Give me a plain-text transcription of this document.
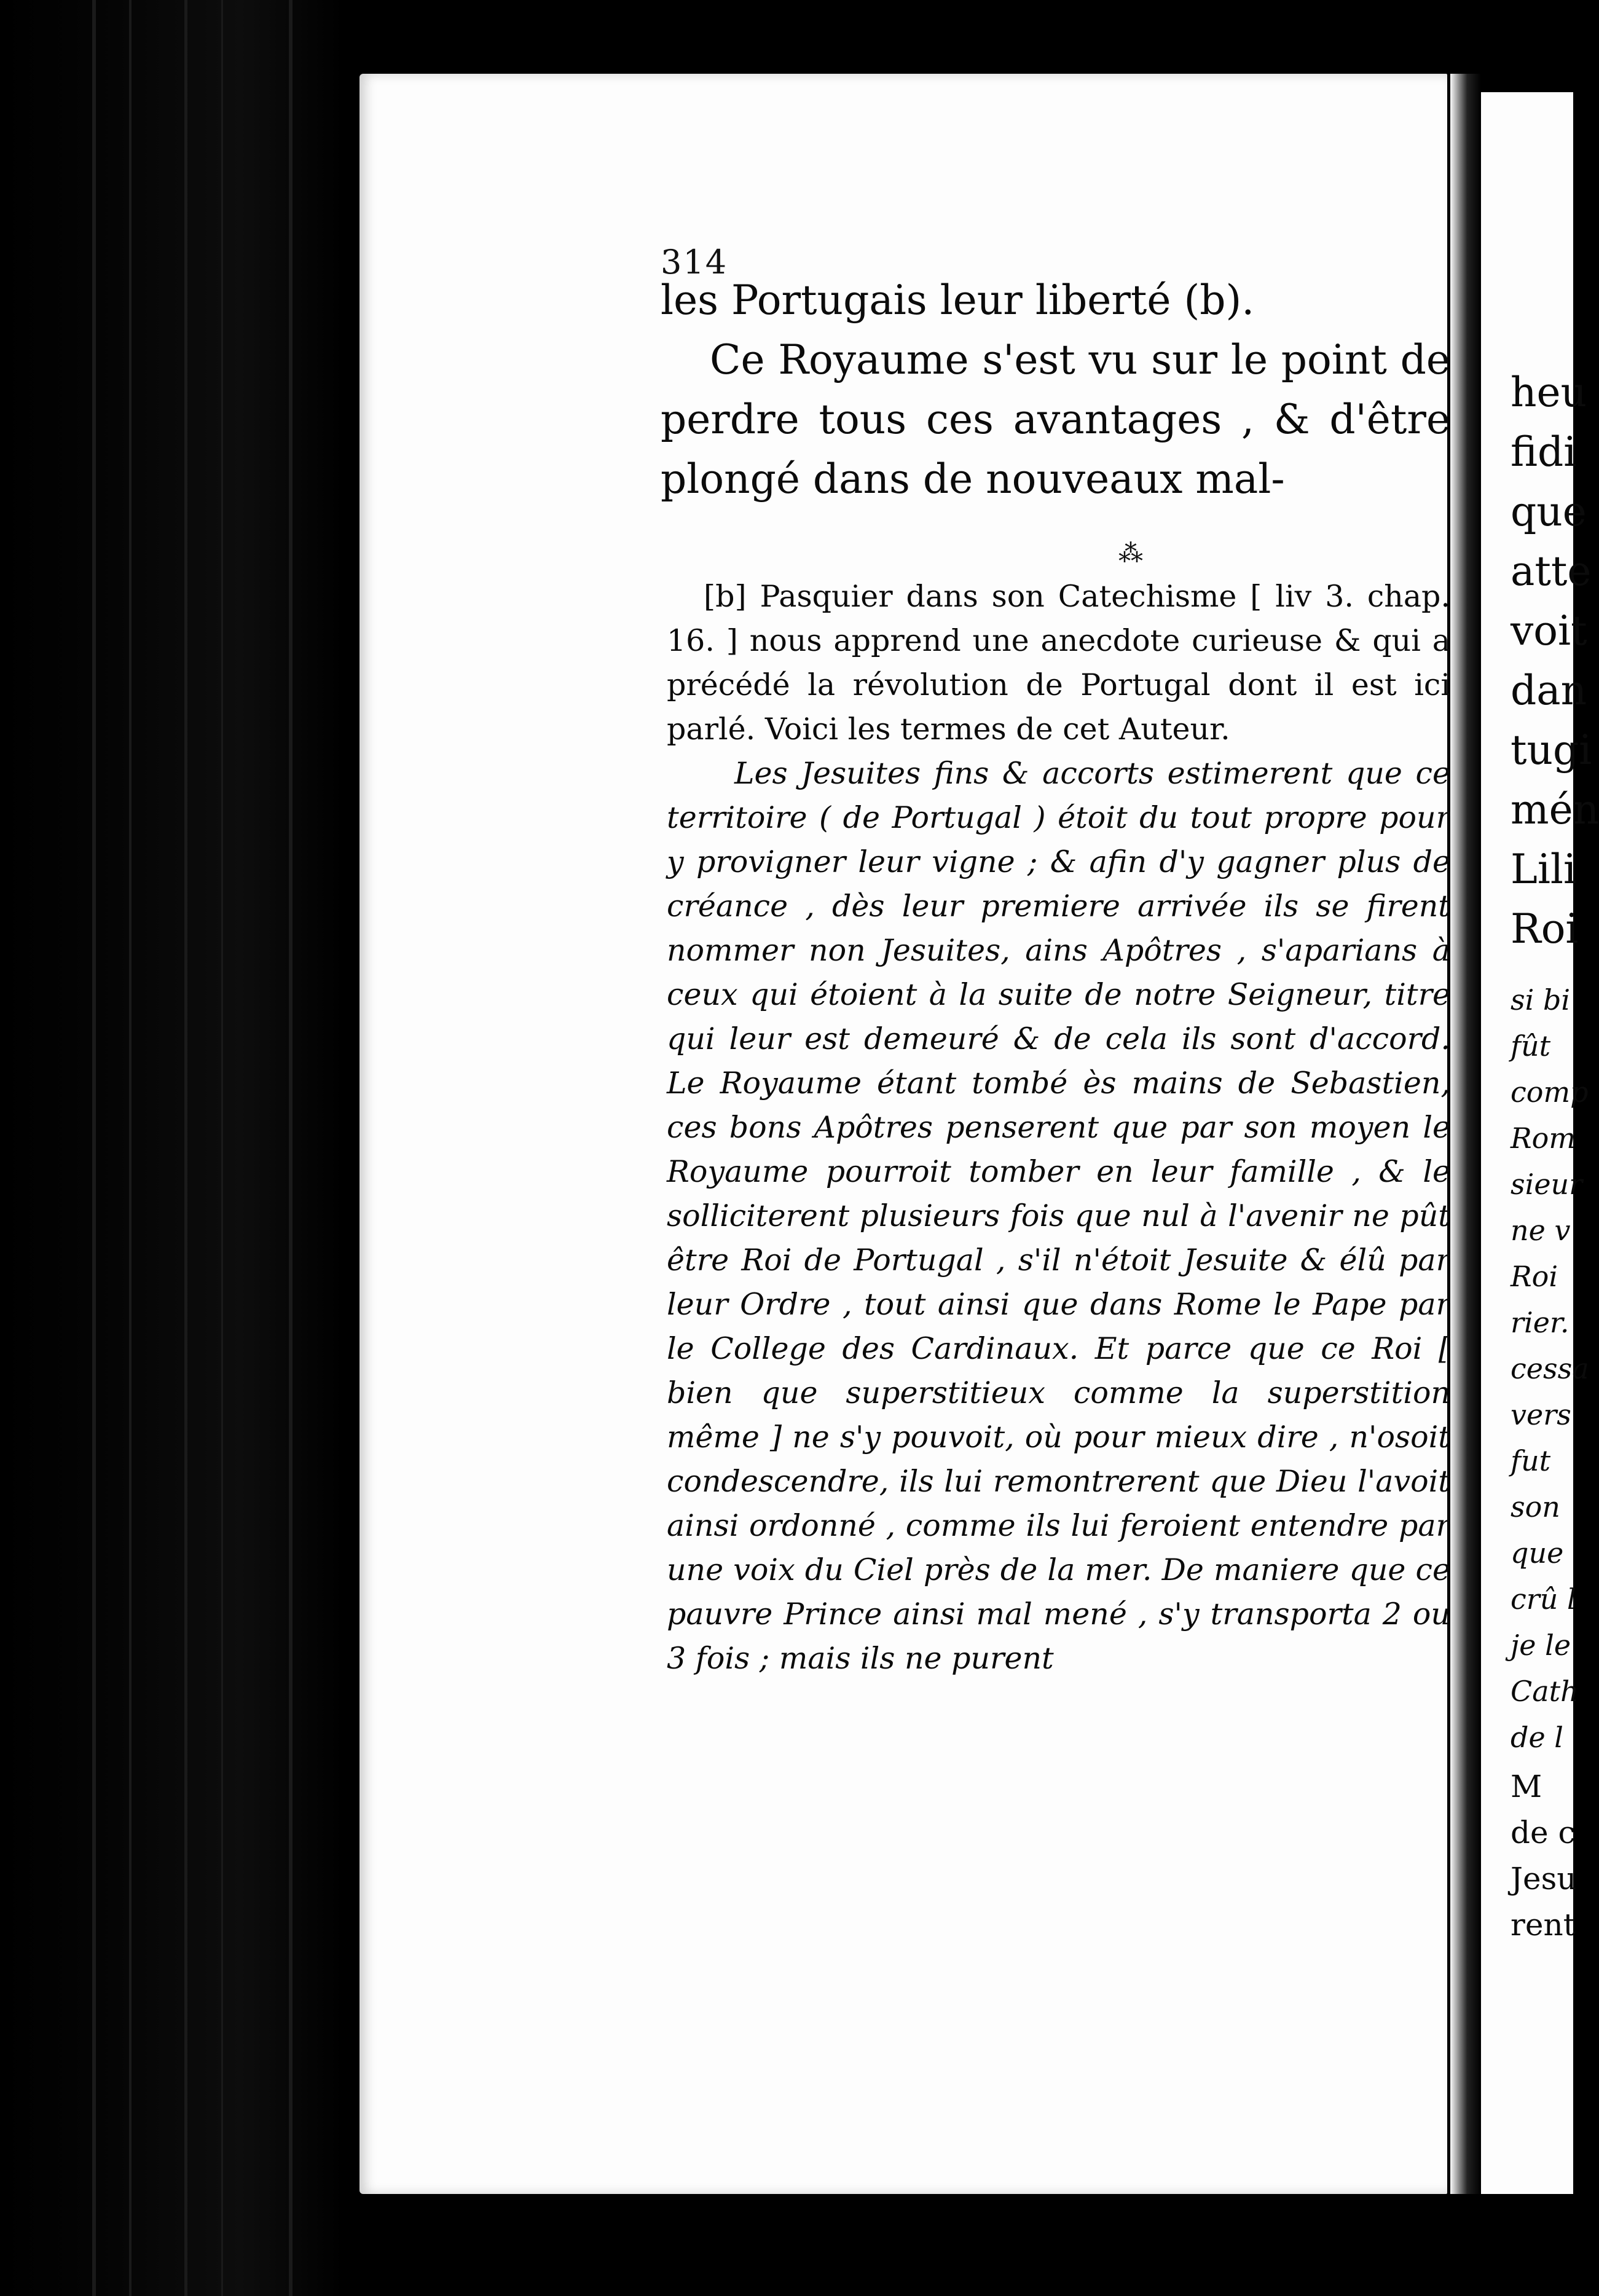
314

les Portugais leur liberté (b).

Ce Royaume s'est vu sur le point de perdre tous ces avantages , & d'être plongé dans de nouveaux mal-

⁂

[b] Pasquier dans son Catechisme [ liv 3. chap. 16. ] nous apprend une anecdote curieuse & qui a précédé la révolution de Portugal dont il est ici parlé. Voici les termes de cet Auteur.

Les Jesuites fins & accorts estimerent que ce territoire ( de Portugal ) étoit du tout propre pour y provigner leur vigne ; & afin d'y gagner plus de créance , dès leur premiere arrivée ils se firent nommer non Jesuites, ains Apôtres , s'aparians à ceux qui étoient à la suite de notre Seigneur, titre qui leur est demeuré & de cela ils sont d'accord. Le Royaume étant tombé ès mains de Sebastien, ces bons Apôtres penserent que par son moyen le Royaume pourroit tomber en leur famille , & le solliciterent plusieurs fois que nul à l'avenir ne pût être Roi de Portugal , s'il n'étoit Jesuite & élû par leur Ordre , tout ainsi que dans Rome le Pape par le College des Cardinaux. Et parce que ce Roi [ bien que superstitieux comme la superstition même ] ne s'y pouvoit, où pour mieux dire , n'osoit condescendre, ils lui remontrerent que Dieu l'avoit ainsi ordonné , comme ils lui feroient entendre par une voix du Ciel près de la mer. De maniere que ce pauvre Prince ainsi mal mené , s'y transporta 2 ou 3 fois ; mais ils ne purent

heu
fidi
que
atte
voit
dan
tugi
mén
Lili
Roi
si bi
fût
comp
Rom
sieur
ne v
Roi
rier.
cessa
vers
fut
son
que
crû l
je le
Cath
de l
M
de c
Jesu
rent
